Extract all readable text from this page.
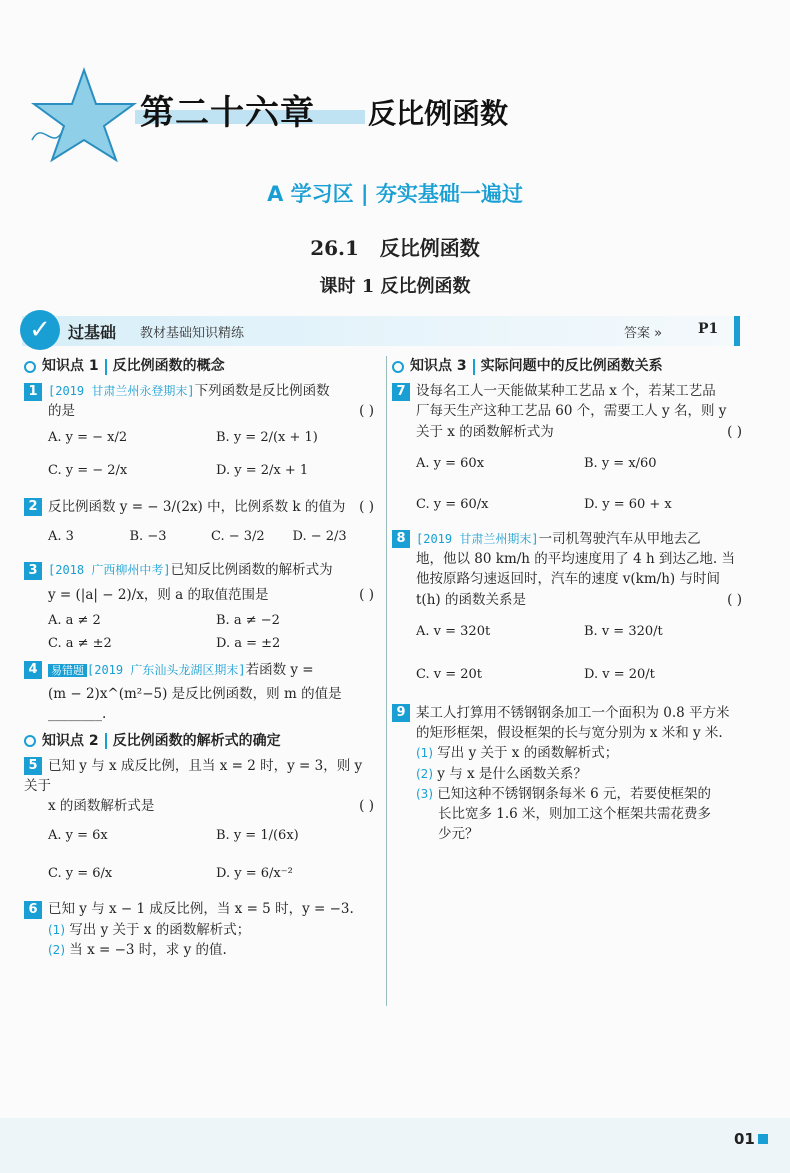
第二十六章 反比例函数
A 学习区 | 夯实基础一遍过
26.1 反比例函数
课时 1 反比例函数
✓	过基础 教材基础知识精练	答案 »	P1
知识点 1 反比例函数的概念
1 [2019 甘肃兰州永登期末]下列函数是反比例函数
的是	( )
A. y = − x/2	B. y = 2/(x + 1)
C. y = − 2/x	D. y = 2/x + 1
2 反比例函数 y = − 3/(2x) 中，比例系数 k 的值为 ( )
A. 3	B. −3	C. − 3/2	D. − 2/3
3 [2018 广西柳州中考]已知反比例函数的解析式为
y = (|a| − 2)/x，则 a 的取值范围是	( )
A. a ≠ 2	B. a ≠ −2
C. a ≠ ±2	D. a = ±2
4 易错题 [2019 广东汕头龙湖区期末]若函数 y =
(m − 2)x^(m²−5) 是反比例函数，则 m 的值是________.
知识点 2 反比例函数的解析式的确定
5 已知 y 与 x 成反比例，且当 x = 2 时，y = 3，则 y 关于
x 的函数解析式是	( )
A. y = 6x	B. y = 1/(6x)
C. y = 6/x	D. y = 6/x⁻²
6 已知 y 与 x − 1 成反比例，当 x = 5 时，y = −3.
(1) 写出 y 关于 x 的函数解析式；
(2) 当 x = −3 时，求 y 的值.
知识点 3 实际问题中的反比例函数关系
7 设每名工人一天能做某种工艺品 x 个，若某工艺品
厂每天生产这种工艺品 60 个，需要工人 y 名，则 y
关于 x 的函数解析式为	( )
A. y = 60x	B. y = x/60
C. y = 60/x	D. y = 60 + x
8 [2019 甘肃兰州期末]一司机驾驶汽车从甲地去乙
地，他以 80 km/h 的平均速度用了 4 h 到达乙地. 当
他按原路匀速返回时，汽车的速度 v(km/h) 与时间
t(h) 的函数关系是	( )
A. v = 320t	B. v = 320/t
C. v = 20t	D. v = 20/t
9 某工人打算用不锈钢钢条加工一个面积为 0.8 平方米
的矩形框架，假设框架的长与宽分别为 x 米和 y 米.
(1) 写出 y 关于 x 的函数解析式；
(2) y 与 x 是什么函数关系？
(3) 已知这种不锈钢钢条每米 6 元，若要使框架的
长比宽多 1.6 米，则加工这个框架共需花费多
少元？
01
